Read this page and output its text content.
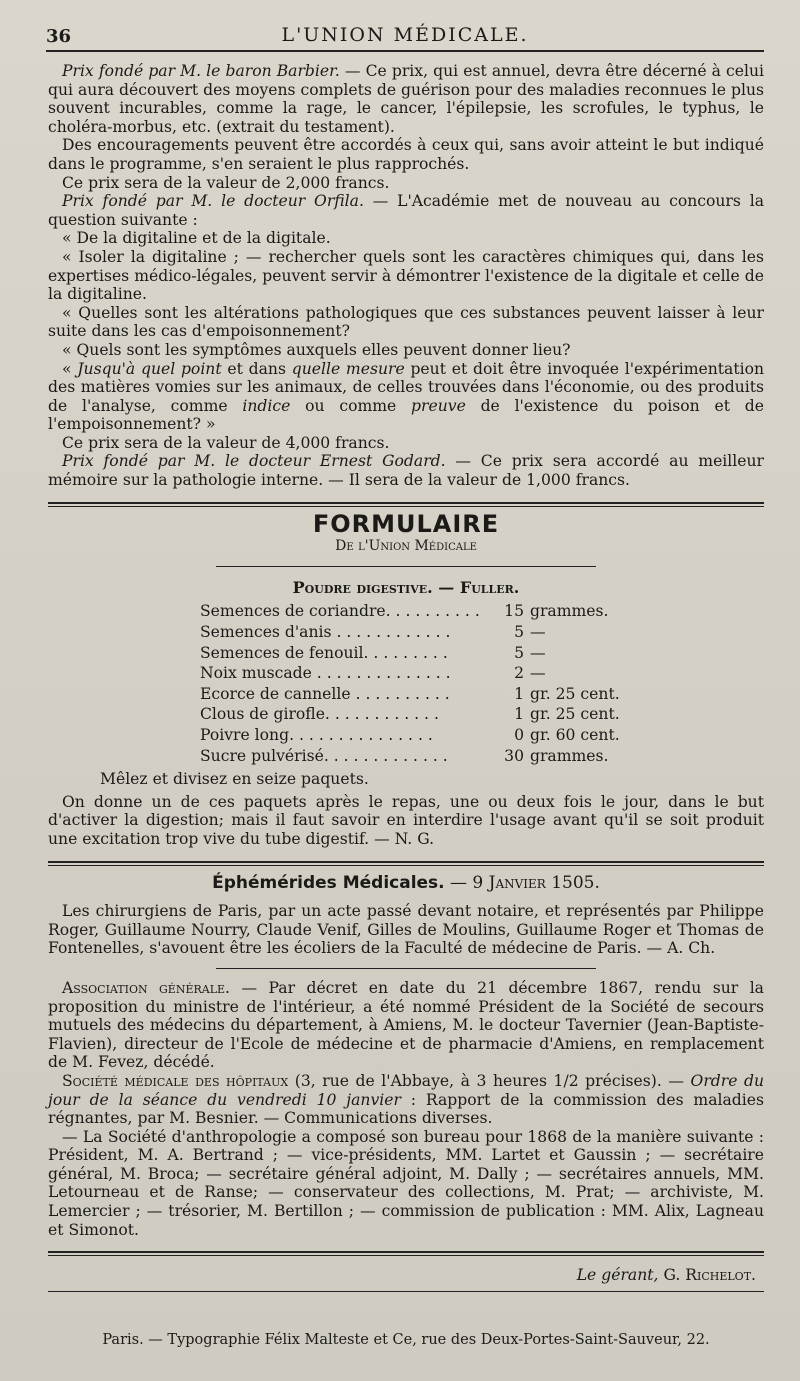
36	L'UNION MÉDICALE.

Prix fondé par M. le baron Barbier. — Ce prix, qui est annuel, devra être décerné à celui qui aura découvert des moyens complets de guérison pour des maladies reconnues le plus souvent incurables, comme la rage, le cancer, l'épilepsie, les scrofules, le typhus, le choléra-morbus, etc. (extrait du testament).

Des encouragements peuvent être accordés à ceux qui, sans avoir atteint le but indiqué dans le programme, s'en seraient le plus rapprochés.

Ce prix sera de la valeur de 2,000 francs.

Prix fondé par M. le docteur Orfila. — L'Académie met de nouveau au concours la question suivante :

« De la digitaline et de la digitale.

« Isoler la digitaline ; — rechercher quels sont les caractères chimiques qui, dans les expertises médico-légales, peuvent servir à démontrer l'existence de la digitale et celle de la digitaline.

« Quelles sont les altérations pathologiques que ces substances peuvent laisser à leur suite dans les cas d'empoisonnement?

« Quels sont les symptômes auxquels elles peuvent donner lieu?

« Jusqu'à quel point et dans quelle mesure peut et doit être invoquée l'expérimentation des matières vomies sur les animaux, de celles trouvées dans l'économie, ou des produits de l'analyse, comme indice ou comme preuve de l'existence du poison et de l'empoisonnement? »

Ce prix sera de la valeur de 4,000 francs.

Prix fondé par M. le docteur Ernest Godard. — Ce prix sera accordé au meilleur mémoire sur la pathologie interne. — Il sera de la valeur de 1,000 francs.

FORMULAIRE
De l'Union Médicale
Poudre digestive. — Fuller.
Semences de coriandre. . . . . . . . . .	15	grammes.
Semences d'anis . . . . . . . . . . . .	5	—
Semences de fenouil. . . . . . . . .	5	—
Noix muscade . . . . . . . . . . . . . .	2	—
Ecorce de cannelle . . . . . . . . . .	1	gr. 25 cent.
Clous de girofle. . . . . . . . . . . .	1	gr. 25 cent.
Poivre long. . . . . . . . . . . . . . .	0	gr. 60 cent.
Sucre pulvérisé. . . . . . . . . . . . .	30	grammes.

Mêlez et divisez en seize paquets.

On donne un de ces paquets après le repas, une ou deux fois le jour, dans le but d'activer la digestion; mais il faut savoir en interdire l'usage avant qu'il se soit produit une excitation trop vive du tube digestif. — N. G.

Éphémérides Médicales. — 9 Janvier 1505.

Les chirurgiens de Paris, par un acte passé devant notaire, et représentés par Philippe Roger, Guillaume Nourry, Claude Venif, Gilles de Moulins, Guillaume Roger et Thomas de Fontenelles, s'avouent être les écoliers de la Faculté de médecine de Paris. — A. Ch.

Association générale. — Par décret en date du 21 décembre 1867, rendu sur la proposition du ministre de l'intérieur, a été nommé Président de la Société de secours mutuels des médecins du département, à Amiens, M. le docteur Tavernier (Jean-Baptiste-Flavien), directeur de l'Ecole de médecine et de pharmacie d'Amiens, en remplacement de M. Fevez, décédé.

Société médicale des hôpitaux (3, rue de l'Abbaye, à 3 heures 1/2 précises). — Ordre du jour de la séance du vendredi 10 janvier : Rapport de la commission des maladies régnantes, par M. Besnier. — Communications diverses.

— La Société d'anthropologie a composé son bureau pour 1868 de la manière suivante : Président, M. A. Bertrand ; — vice-présidents, MM. Lartet et Gaussin ; — secrétaire général, M. Broca; — secrétaire général adjoint, M. Dally ; — secrétaires annuels, MM. Letourneau et de Ranse; — conservateur des collections, M. Prat; — archiviste, M. Lemercier ; — trésorier, M. Bertillon ; — commission de publication : MM. Alix, Lagneau et Simonot.

Le gérant, G. Richelot.
Paris. — Typographie Félix Malteste et Ce, rue des Deux-Portes-Saint-Sauveur, 22.
